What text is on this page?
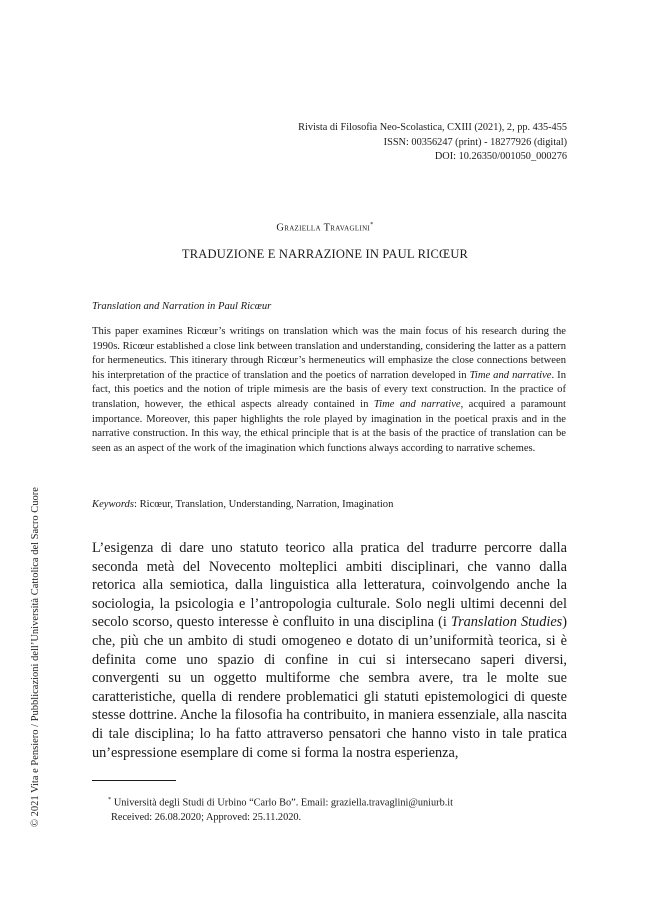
Rivista di Filosofia Neo-Scolastica, CXIII (2021), 2, pp. 435-455
ISSN: 00356247 (print) - 18277926 (digital)
DOI: 10.26350/001050_000276
Graziella Travaglini*
TRADUZIONE E NARRAZIONE IN PAUL RICŒUR
Translation and Narration in Paul Ricœur

This paper examines Ricœur’s writings on translation which was the main focus of his research during the 1990s. Ricœur established a close link between translation and understanding, considering the latter as a pattern for hermeneutics. This itinerary through Ricœur’s hermeneutics will emphasize the close connections between his interpretation of the practice of translation and the poetics of narration developed in Time and narrative. In fact, this poetics and the notion of triple mimesis are the basis of every text construction. In the practice of translation, however, the ethical aspects already contained in Time and narrative, acquired a paramount importance. Moreover, this paper highlights the role played by imagination in the poetical praxis and in the narrative construction. In this way, the ethical principle that is at the basis of the practice of translation can be seen as an aspect of the work of the imagination which functions always according to narrative schemes.

Keywords: Ricœur, Translation, Understanding, Narration, Imagination

L’esigenza di dare uno statuto teorico alla pratica del tradurre percorre dalla seconda metà del Novecento molteplici ambiti disciplinari, che vanno dalla retorica alla semiotica, dalla linguistica alla letteratura, coinvolgendo anche la sociologia, la psicologia e l’antropologia culturale. Solo negli ultimi decenni del secolo scorso, questo interesse è confluito in una disciplina (i Translation Studies) che, più che un ambito di studi omogeneo e dotato di un’uniformità teorica, si è definita come uno spazio di confine in cui si intersecano saperi diversi, convergenti su un oggetto multiforme che sembra avere, tra le molte sue caratteristiche, quella di rendere problematici gli statuti epistemologici di queste stesse dottrine. Anche la filosofia ha contribuito, in maniera essenziale, alla nascita di tale disciplina; lo ha fatto attraverso pensatori che hanno visto in tale pratica un’espressione esemplare di come si forma la nostra esperienza,

* Università degli Studi di Urbino “Carlo Bo”. Email: graziella.travaglini@uniurb.it
Received: 26.08.2020; Approved: 25.11.2020.
© 2021 Vita e Pensiero / Pubblicazioni dell’Università Cattolica del Sacro Cuore
